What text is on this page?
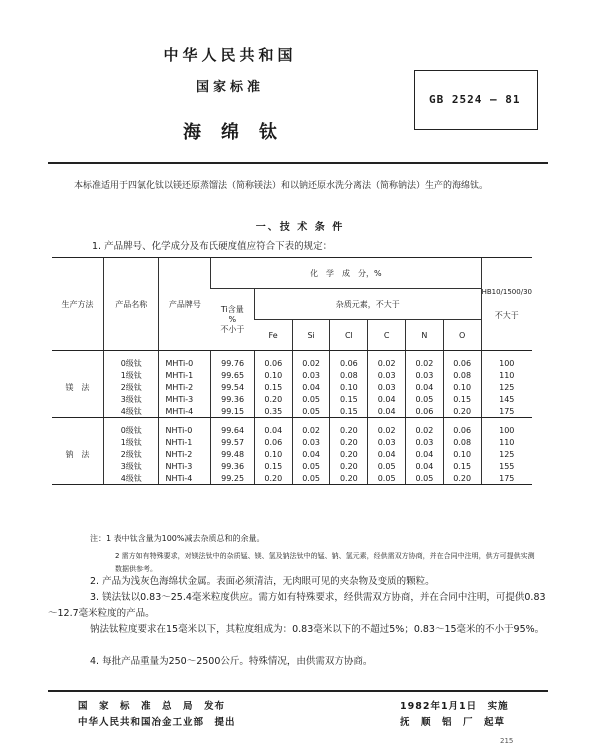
中华人民共和国
国家标准
海绵钛
GB 2524 — 81
本标准适用于四氯化钛以镁还原蒸馏法（简称镁法）和以钠还原水洗分离法（简称钠法）生产的海绵钛。
一、技 术 条 件
1. 产品牌号、化学成分及布氏硬度值应符合下表的规定：
生产方法	产品名称	产品牌号	化　学　成　分，%							HB10/1500/30
不大于

			Ti含量
%
不小于	杂质元素，不大于						
				Fe	Si	Cl	C	N	O	

	0级钛	MHTi-0	99.76	0.06	0.02	0.06	0.02	0.02	0.06	100
	1级钛	MHTi-1	99.65	0.10	0.03	0.08	0.03	0.03	0.08	110
镁　法	2级钛	MHTi-2	99.54	0.15	0.04	0.10	0.03	0.04	0.10	125
	3级钛	MHTi-3	99.36	0.20	0.05	0.15	0.04	0.05	0.15	145
	4级钛	MHTi-4	99.15	0.35	0.05	0.15	0.04	0.06	0.20	175

	0级钛	NHTi-0	99.64	0.04	0.02	0.20	0.02	0.02	0.06	100
	1级钛	NHTi-1	99.57	0.06	0.03	0.20	0.03	0.03	0.08	110
钠　法	2级钛	NHTi-2	99.48	0.10	0.04	0.20	0.04	0.04	0.10	125
	3级钛	NHTi-3	99.36	0.15	0.05	0.20	0.05	0.04	0.15	155
	4级钛	NHTi-4	99.25	0.20	0.05	0.20	0.05	0.05	0.20	175
注：1 表中钛含量为100%减去杂质总和的余量。
2 需方如有特殊要求，对镁法钛中的杂质锰、镁、氢及钠法钛中的锰、钠、氢元素，经供需双方协商，并在合同中注明，供方可提供实测数据供参考。
2. 产品为浅灰色海绵状金属。表面必须清洁，无肉眼可见的夹杂物及变质的颗粒。
3. 镁法钛以0.83～25.4毫米粒度供应。需方如有特殊要求，经供需双方协商，并在合同中注明，可提供0.83～12.7毫米粒度的产品。
钠法钛粒度要求在15毫米以下，其粒度组成为：0.83毫米以下的不超过5%；0.83～15毫米的不小于95%。
4. 每批产品重量为250～2500公斤。特殊情况，由供需双方协商。
国　家　标　准　总　局　发布
中华人民共和国冶金工业部　提出
1982年1月1日　实施
抚　顺　铝　厂　起草
215
